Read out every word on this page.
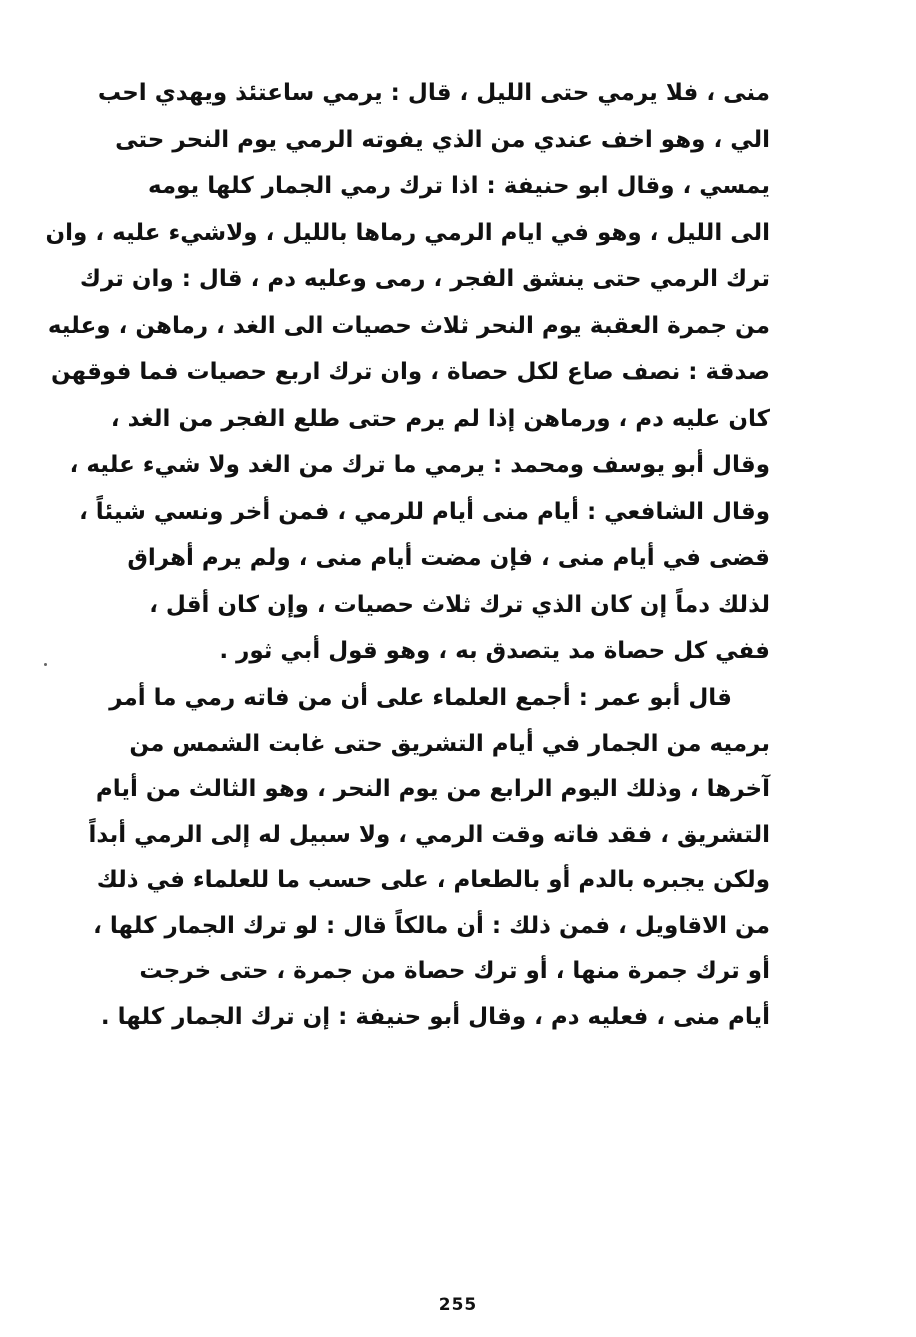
منى ، فلا يرمي حتى الليل ، قال : يرمي ساعتئذ ويهدي احب
الي ، وهو اخف عندي من الذي يفوته الرمي يوم النحر حتى
يمسي ، وقال ابو حنيفة : اذا ترك رمي الجمار كلها يومه
الى الليل ، وهو في ايام الرمي رماها بالليل ، ولاشيء عليه ، وان
ترك الرمي حتى ينشق الفجر ، رمى وعليه دم ، قال : وان ترك
من جمرة العقبة يوم النحر ثلاث حصيات الى الغد ، رماهن ، وعليه
صدقة : نصف صاع لكل حصاة ، وان ترك اربع حصيات فما فوقهن
كان عليه دم ، ورماهن إذا لم يرم حتى طلع الفجر من الغد ،
وقال أبو يوسف ومحمد : يرمي ما ترك من الغد ولا شيء عليه ،
وقال الشافعي : أيام منى أيام للرمي ، فمن أخر ونسي شيئاً ،
قضى في أيام منى ، فإن مضت أيام منى ، ولم يرم أهراق
لذلك دماً إن كان الذي ترك ثلاث حصيات ، وإن كان أقل ،
ففي كل حصاة مد يتصدق به ، وهو قول أبي ثور .
قال أبو عمر : أجمع العلماء على أن من فاته رمي ما أمر
برميه من الجمار في أيام التشريق حتى غابت الشمس من
آخرها ، وذلك اليوم الرابع من يوم النحر ، وهو الثالث من أيام
التشريق ، فقد فاته وقت الرمي ، ولا سبيل له إلى الرمي أبداً
ولكن يجبره بالدم أو بالطعام ، على حسب ما للعلماء في ذلك
من الاقاويل ، فمن ذلك : أن مالكاً قال : لو ترك الجمار كلها ،
أو ترك جمرة منها ، أو ترك حصاة من جمرة ، حتى خرجت
أيام منى ، فعليه دم ، وقال أبو حنيفة : إن ترك الجمار كلها .
255
